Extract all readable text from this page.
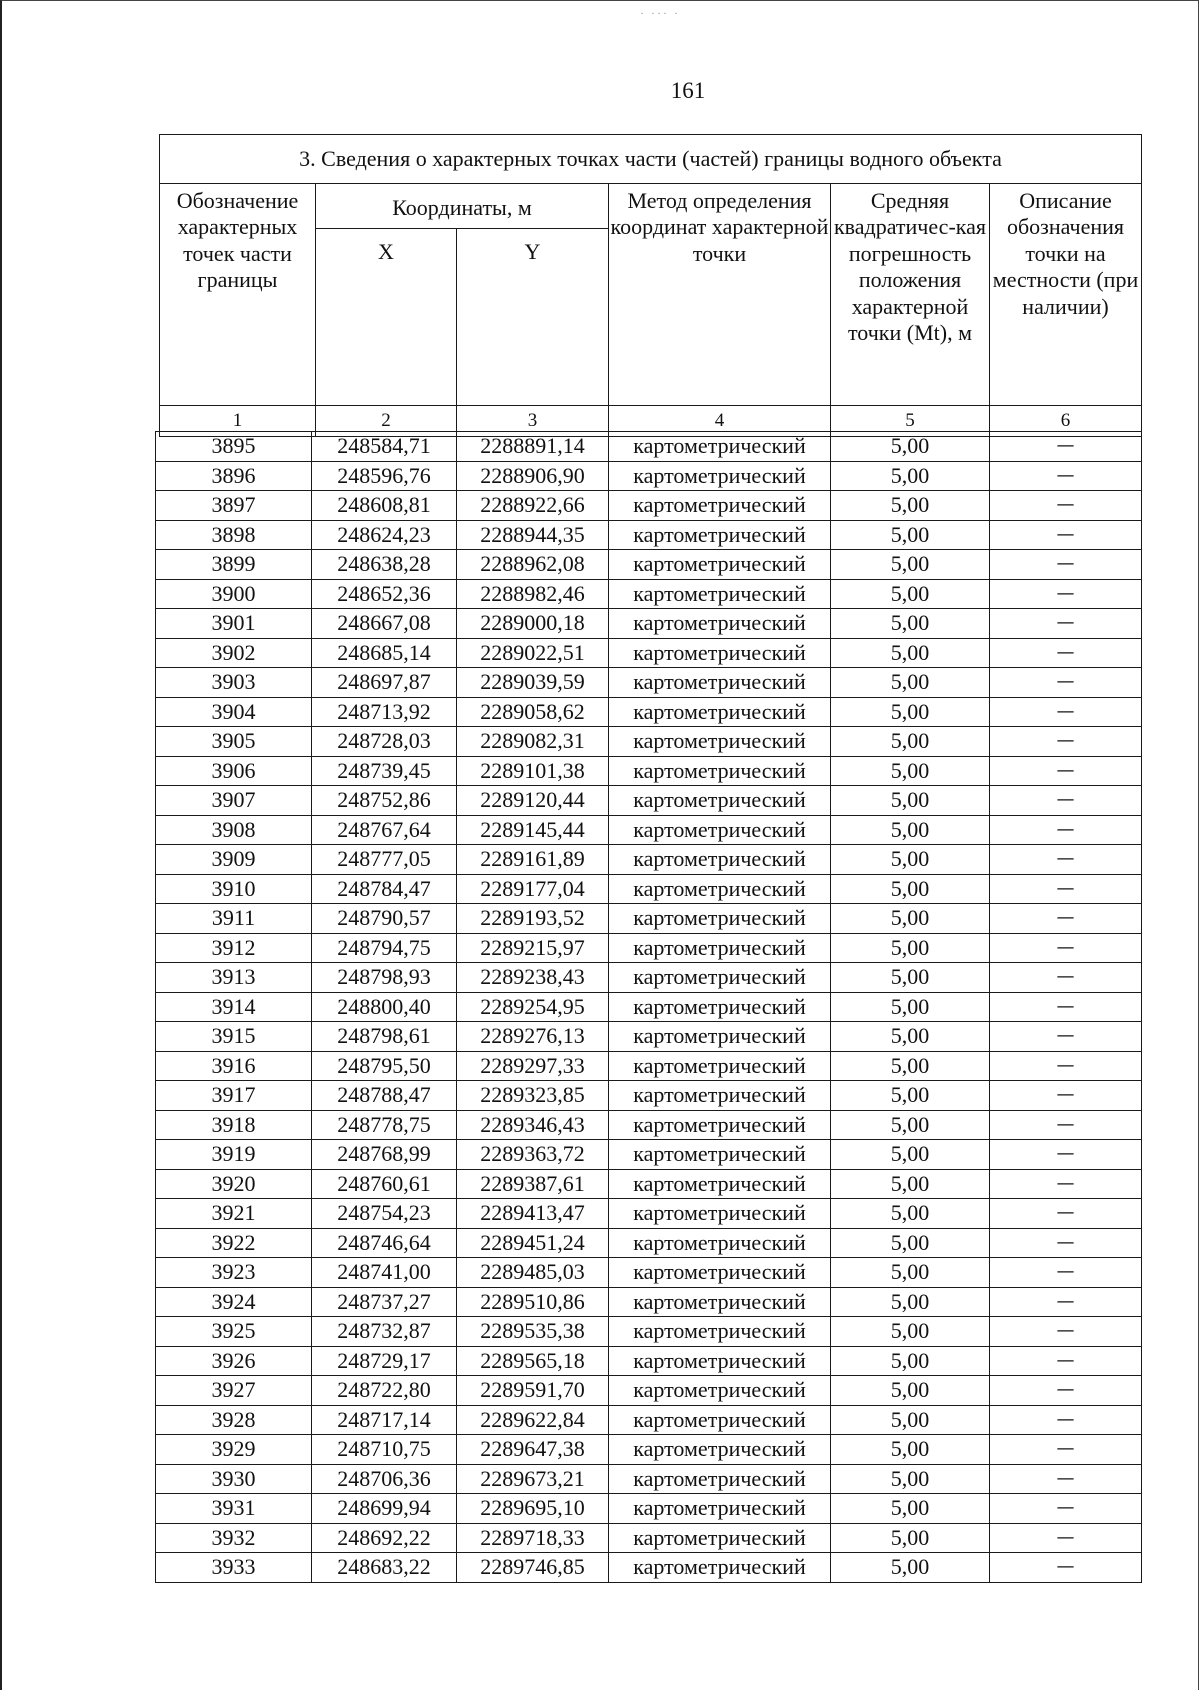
· ··· ·
161
3. Сведения о характерных точках части (частей) границы водного объекта					
Обозначение характерных точек части границы	Координаты, м		Метод определения координат характерной точки	Средняя квадратичес-кая погрешность положения характерной точки (Mt), м	Описание обозначения точки на местности (при наличии)
	X	Y			
1	2	3	4	5	6
3895	248584,71	2288891,14	картометрический	5,00	—
3896	248596,76	2288906,90	картометрический	5,00	—
3897	248608,81	2288922,66	картометрический	5,00	—
3898	248624,23	2288944,35	картометрический	5,00	—
3899	248638,28	2288962,08	картометрический	5,00	—
3900	248652,36	2288982,46	картометрический	5,00	—
3901	248667,08	2289000,18	картометрический	5,00	—
3902	248685,14	2289022,51	картометрический	5,00	—
3903	248697,87	2289039,59	картометрический	5,00	—
3904	248713,92	2289058,62	картометрический	5,00	—
3905	248728,03	2289082,31	картометрический	5,00	—
3906	248739,45	2289101,38	картометрический	5,00	—
3907	248752,86	2289120,44	картометрический	5,00	—
3908	248767,64	2289145,44	картометрический	5,00	—
3909	248777,05	2289161,89	картометрический	5,00	—
3910	248784,47	2289177,04	картометрический	5,00	—
3911	248790,57	2289193,52	картометрический	5,00	—
3912	248794,75	2289215,97	картометрический	5,00	—
3913	248798,93	2289238,43	картометрический	5,00	—
3914	248800,40	2289254,95	картометрический	5,00	—
3915	248798,61	2289276,13	картометрический	5,00	—
3916	248795,50	2289297,33	картометрический	5,00	—
3917	248788,47	2289323,85	картометрический	5,00	—
3918	248778,75	2289346,43	картометрический	5,00	—
3919	248768,99	2289363,72	картометрический	5,00	—
3920	248760,61	2289387,61	картометрический	5,00	—
3921	248754,23	2289413,47	картометрический	5,00	—
3922	248746,64	2289451,24	картометрический	5,00	—
3923	248741,00	2289485,03	картометрический	5,00	—
3924	248737,27	2289510,86	картометрический	5,00	—
3925	248732,87	2289535,38	картометрический	5,00	—
3926	248729,17	2289565,18	картометрический	5,00	—
3927	248722,80	2289591,70	картометрический	5,00	—
3928	248717,14	2289622,84	картометрический	5,00	—
3929	248710,75	2289647,38	картометрический	5,00	—
3930	248706,36	2289673,21	картометрический	5,00	—
3931	248699,94	2289695,10	картометрический	5,00	—
3932	248692,22	2289718,33	картометрический	5,00	—
3933	248683,22	2289746,85	картометрический	5,00	—
